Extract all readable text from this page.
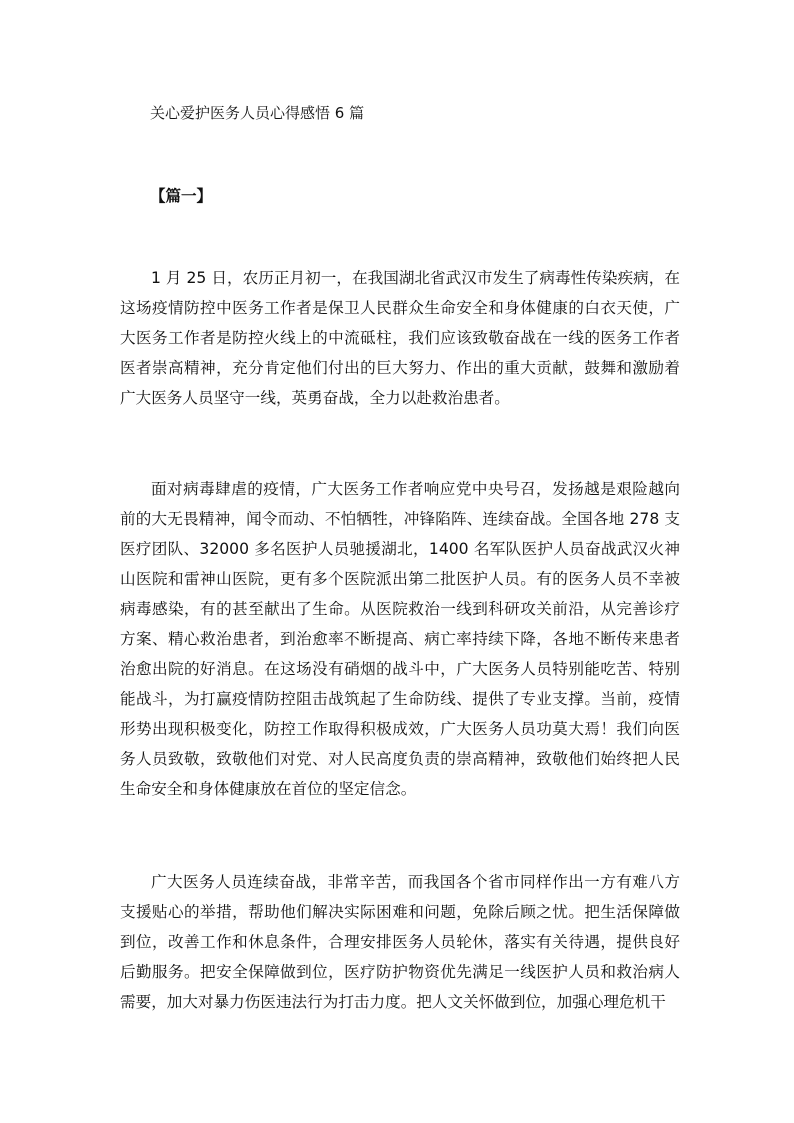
关心爱护医务人员心得感悟 6 篇
【篇一】

1 月 25 日，农历正月初一，在我国湖北省武汉市发生了病毒性传染疾病，在这场疫情防控中医务工作者是保卫人民群众生命安全和身体健康的白衣天使，广大医务工作者是防控火线上的中流砥柱，我们应该致敬奋战在一线的医务工作者医者崇高精神，充分肯定他们付出的巨大努力、作出的重大贡献，鼓舞和激励着广大医务人员坚守一线，英勇奋战，全力以赴救治患者。

面对病毒肆虐的疫情，广大医务工作者响应党中央号召，发扬越是艰险越向前的大无畏精神，闻令而动、不怕牺牲，冲锋陷阵、连续奋战。全国各地 278 支医疗团队、32000 多名医护人员驰援湖北，1400 名军队医护人员奋战武汉火神山医院和雷神山医院，更有多个医院派出第二批医护人员。有的医务人员不幸被病毒感染，有的甚至献出了生命。从医院救治一线到科研攻关前沿，从完善诊疗方案、精心救治患者，到治愈率不断提高、病亡率持续下降，各地不断传来患者治愈出院的好消息。在这场没有硝烟的战斗中，广大医务人员特别能吃苦、特别能战斗，为打赢疫情防控阻击战筑起了生命防线、提供了专业支撑。当前，疫情形势出现积极变化，防控工作取得积极成效，广大医务人员功莫大焉！我们向医务人员致敬，致敬他们对党、对人民高度负责的崇高精神，致敬他们始终把人民生命安全和身体健康放在首位的坚定信念。

广大医务人员连续奋战，非常辛苦，而我国各个省市同样作出一方有难八方支援贴心的举措，帮助他们解决实际困难和问题，免除后顾之忧。把生活保障做到位，改善工作和休息条件，合理安排医务人员轮休，落实有关待遇，提供良好后勤服务。把安全保障做到位，医疗防护物资优先满足一线医护人员和救治病人需要，加大对暴力伤医违法行为打击力度。把人文关怀做到位，加强心理危机干
